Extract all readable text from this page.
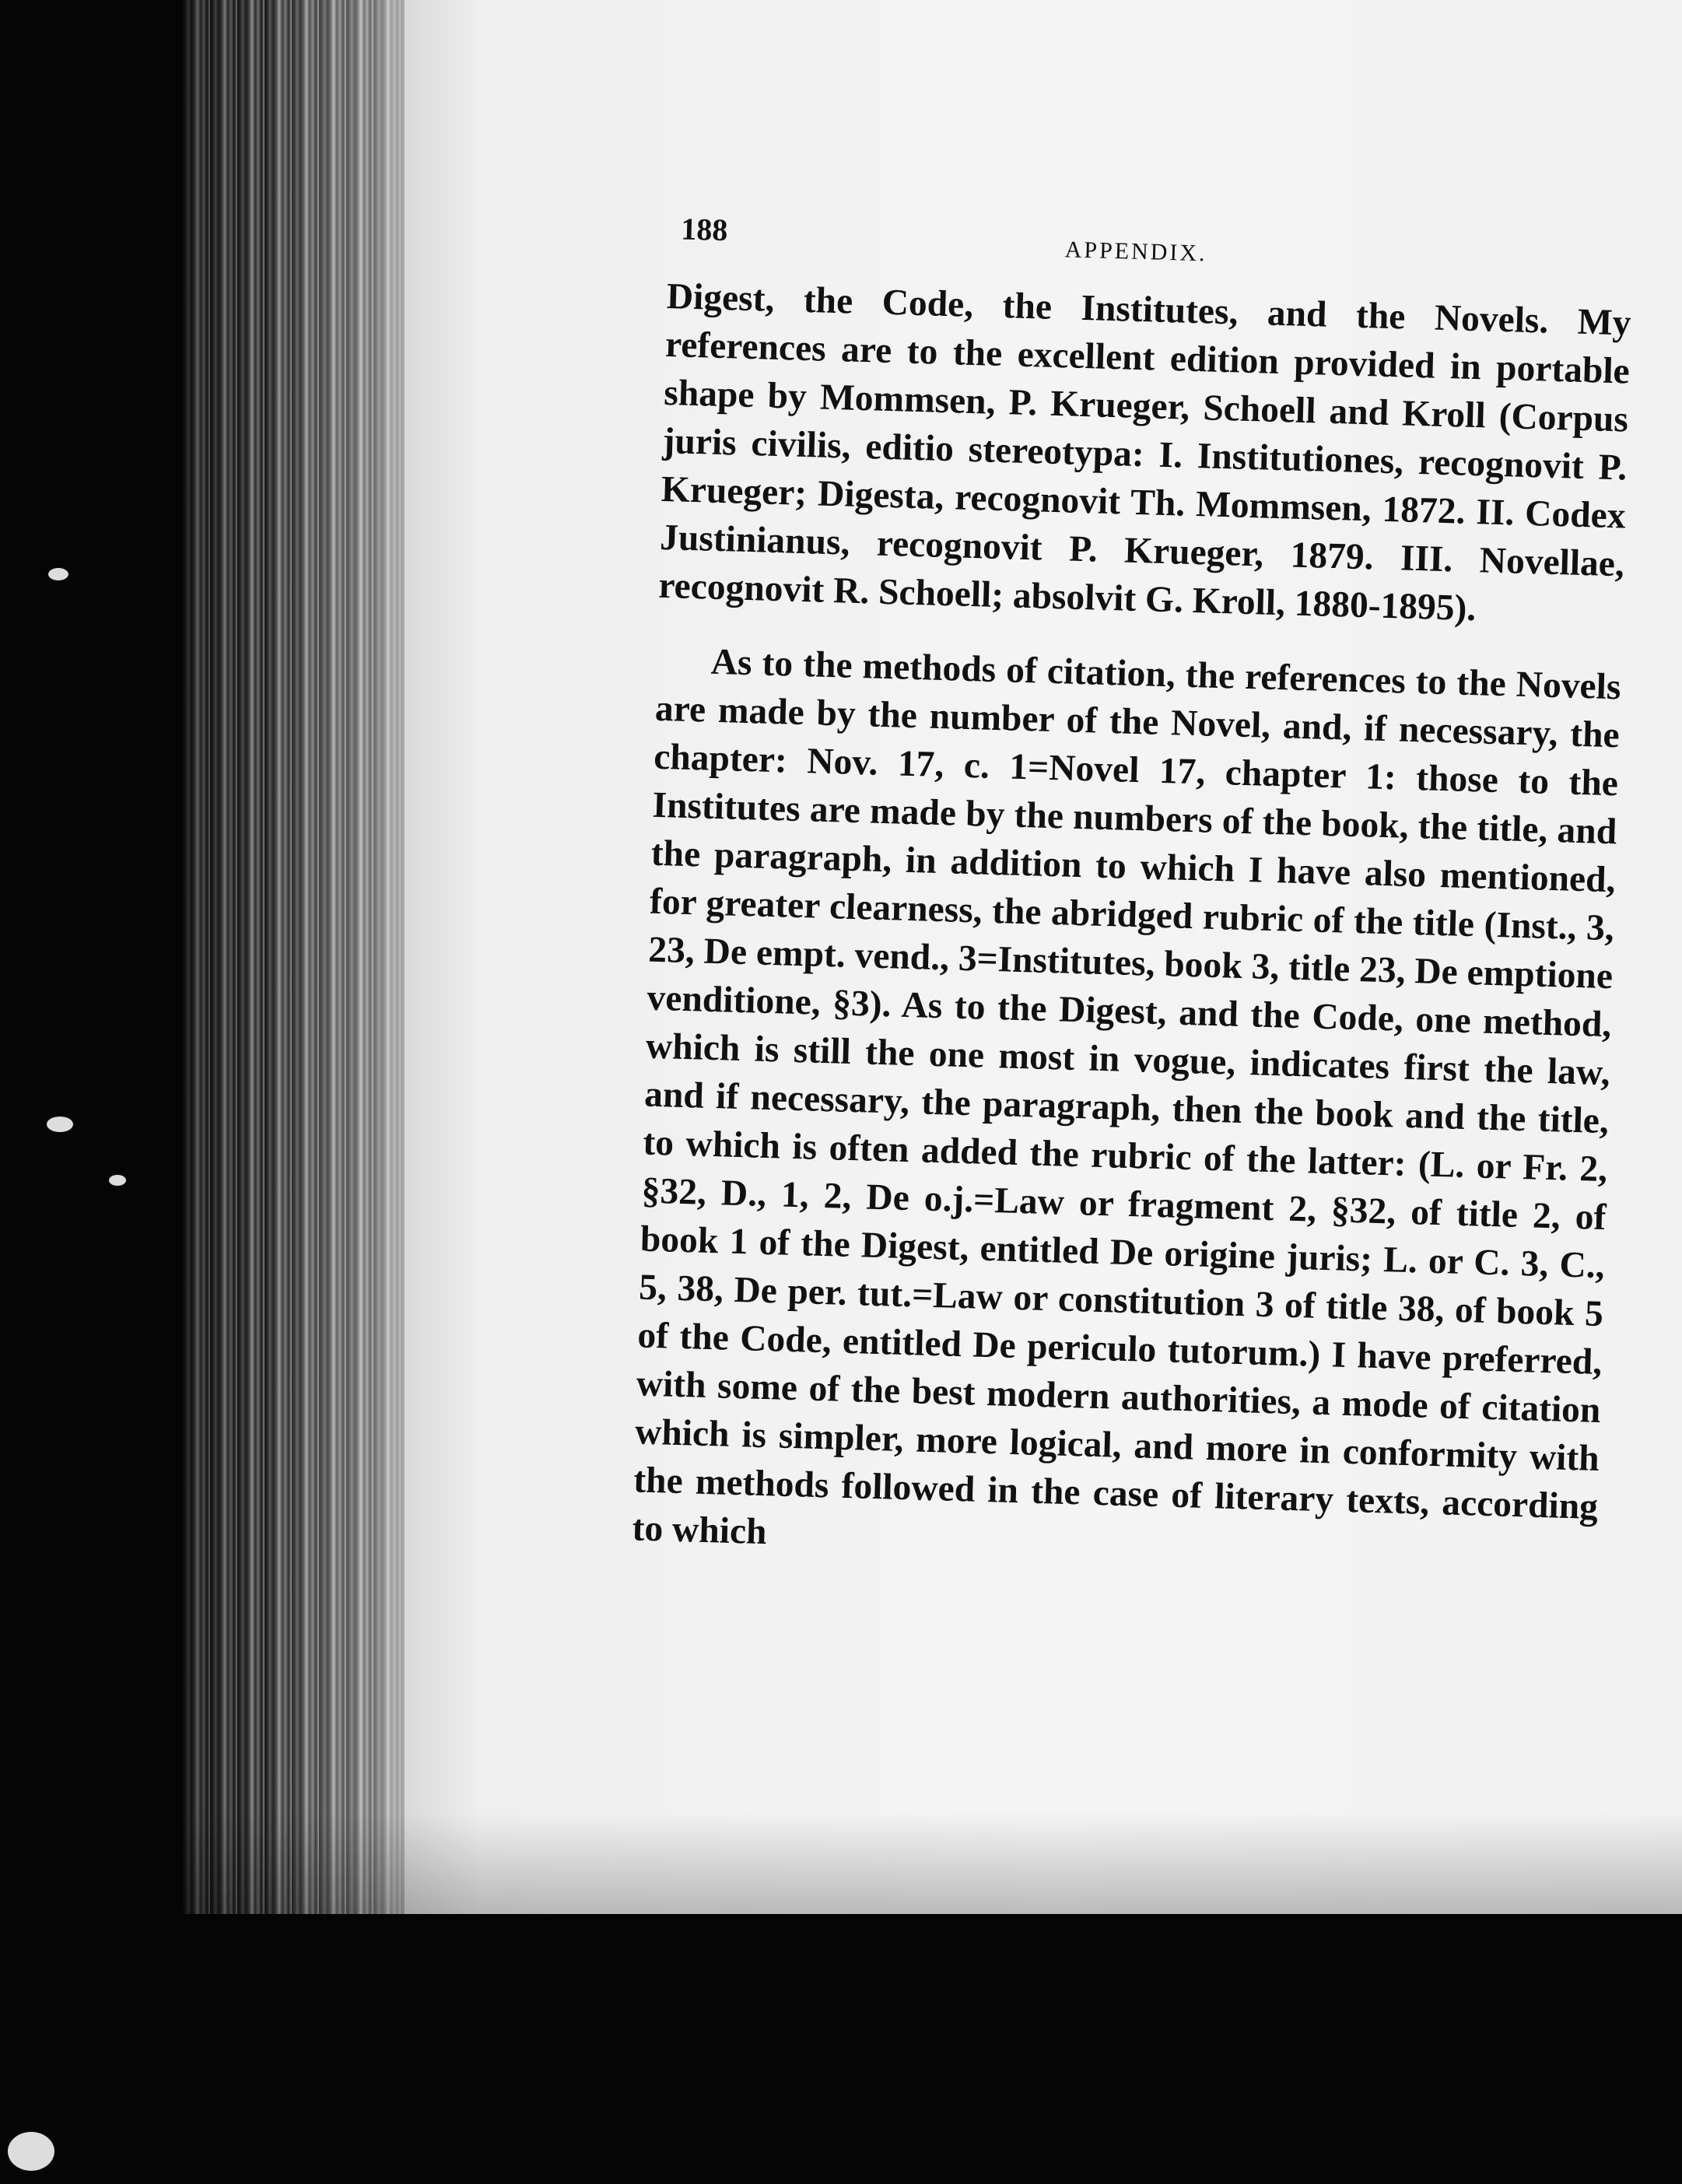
188
APPENDIX.

Digest, the Code, the Institutes, and the Novels. My references are to the excellent edition provided in portable shape by Mommsen, P. Krueger, Schoell and Kroll (Corpus juris civilis, editio stereotypa: I. Institutiones, recognovit P. Krueger; Digesta, recognovit Th. Mommsen, 1872. II. Codex Justinianus, recognovit P. Krueger, 1879. III. Novellae, recognovit R. Schoell; absolvit G. Kroll, 1880-1895).

As to the methods of citation, the references to the Novels are made by the number of the Novel, and, if necessary, the chapter: Nov. 17, c. 1=Novel 17, chapter 1: those to the Institutes are made by the numbers of the book, the title, and the paragraph, in addition to which I have also mentioned, for greater clearness, the abridged rubric of the title (Inst., 3, 23, De empt. vend., 3=Institutes, book 3, title 23, De emptione venditione, §3). As to the Digest, and the Code, one method, which is still the one most in vogue, indicates first the law, and if necessary, the paragraph, then the book and the title, to which is often added the rubric of the latter: (L. or Fr. 2, §32, D., 1, 2, De o.j.=Law or fragment 2, §32, of title 2, of book 1 of the Digest, entitled De origine juris; L. or C. 3, C., 5, 38, De per. tut.=Law or constitution 3 of title 38, of book 5 of the Code, entitled De periculo tutorum.) I have preferred, with some of the best modern authorities, a mode of citation which is simpler, more logical, and more in conformity with the methods followed in the case of literary texts, according to which
